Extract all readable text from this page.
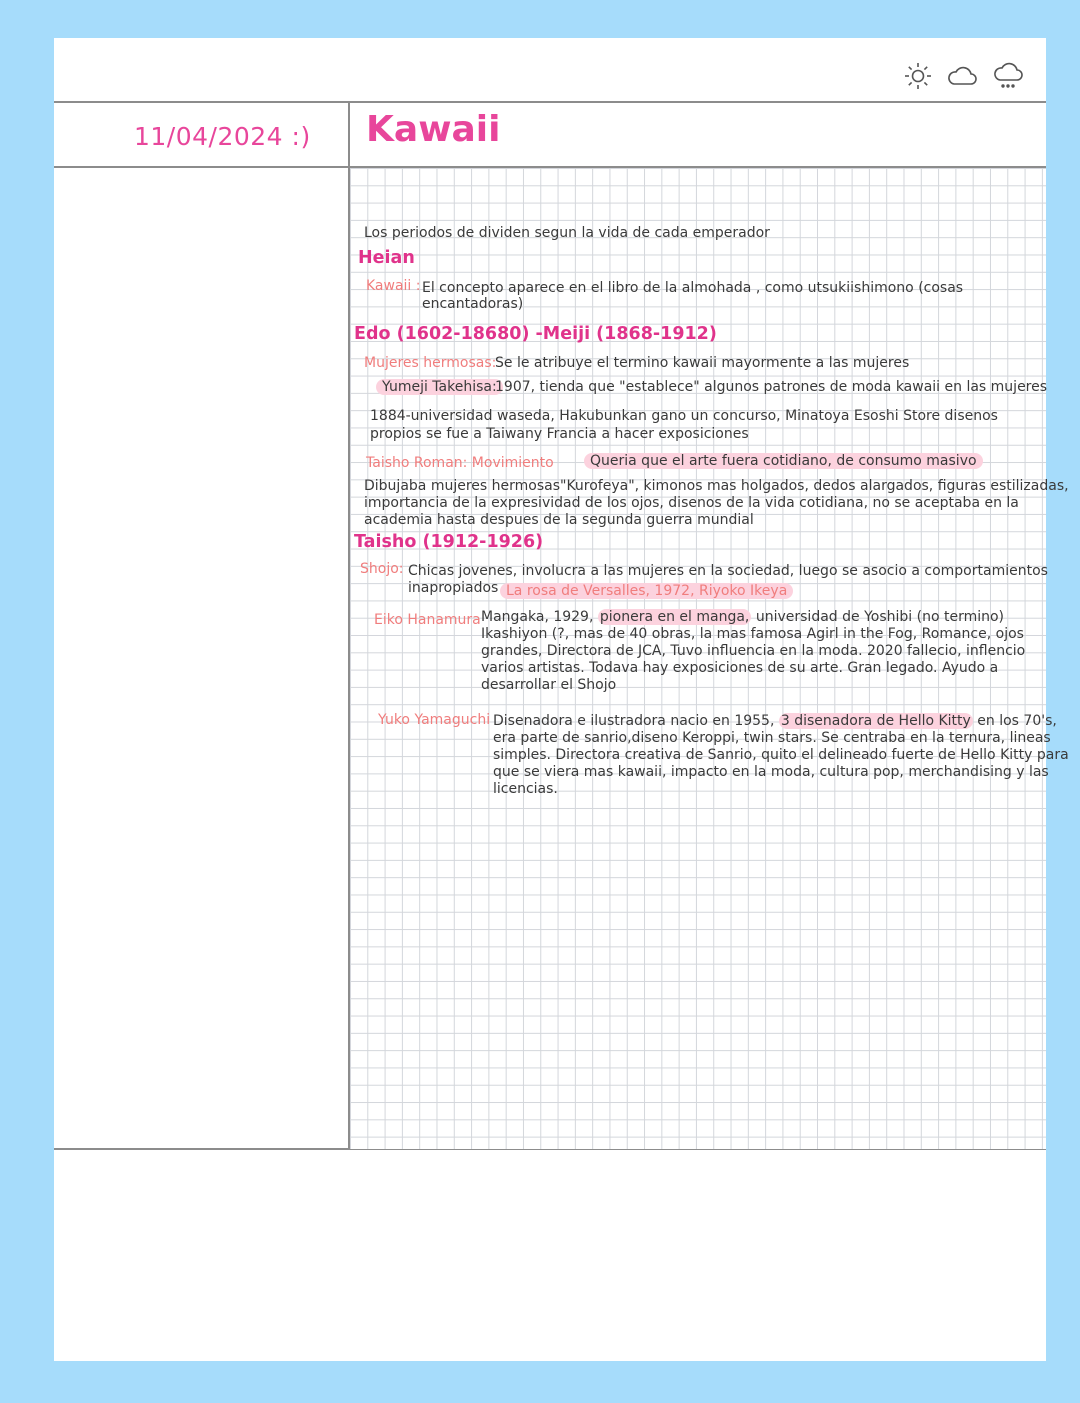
11/04/2024 :) Kawaii
Los periodos de dividen segun la vida de cada emperador
Heian
Kawaii : El concepto aparece en el libro de la almohada , como utsukiishimono (cosas
encantadoras)
Edo (1602-18680) -Meiji (1868-1912)
Mujeres hermosas:
Se le atribuye el termino kawaii mayormente a las mujeres
Yumeji Takehisa:
1907, tienda que "establece" algunos patrones de moda kawaii en las mujeres
1884-universidad waseda, Hakubunkan gano un concurso, Minatoya Esoshi Store disenos
propios se fue a Taiwany Francia a hacer exposiciones
Taisho Roman: Movimiento	Queria que el arte fuera cotidiano, de consumo masivo
Dibujaba mujeres hermosas"Kurofeya", kimonos mas holgados, dedos alargados, figuras estilizadas,
importancia de la expresividad de los ojos, disenos de la vida cotidiana, no se aceptaba en la
academia hasta despues de la segunda guerra mundial
Taisho (1912-1926)
Shojo: Chicas jovenes, involucra a las mujeres en la sociedad, luego se asocio a comportamientos
inapropiados La rosa de Versalles, 1972, Riyoko Ikeya
Eiko Hanamura Mangaka, 1929, pionera en el manga, universidad de Yoshibi (no termino)
Ikashiyon (?, mas de 40 obras, la mas famosa Agirl in the Fog, Romance, ojos
grandes, Directora de JCA, Tuvo influencia en la moda. 2020 fallecio, inflencio
varios artistas. Todava hay exposiciones de su arte. Gran legado. Ayudo a
desarrollar el Shojo
Yuko Yamaguchi Disenadora e ilustradora nacio en 1955, 3 disenadora de Hello Kitty en los 70's,
era parte de sanrio,diseno Keroppi, twin stars. Se centraba en la ternura, lineas
simples. Directora creativa de Sanrio, quito el delineado fuerte de Hello Kitty para
que se viera mas kawaii, impacto en la moda, cultura pop, merchandising y las
licencias.
